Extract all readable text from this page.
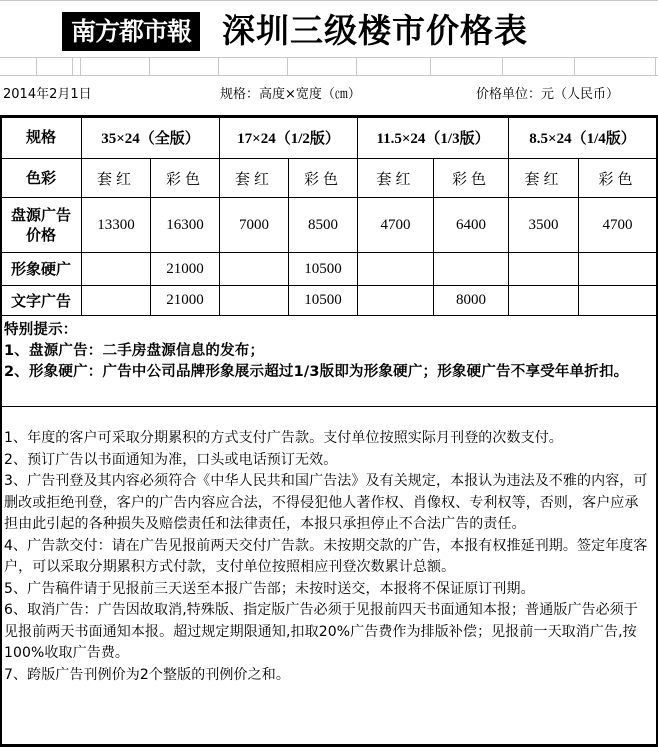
南方都市報 深圳三级楼市价格表
2014年2月1日	规格：高度×宽度（㎝）	价格单位：元（人民币）
规格	35×24（全版）		17×24（1/2版）		11.5×24（1/3版）		8.5×24（1/4版）	
色彩	套红	彩色	套红	彩色	套红	彩色	套红	彩色
盘源广告价格	13300	16300	7000	8500	4700	6400	3500	4700
形象硬广		21000		10500				
文字广告		21000		10500		8000		
特别提示：
1、盘源广告：二手房盘源信息的发布；
2、形象硬广：广告中公司品牌形象展示超过1/3版即为形象硬广；形象硬广告不享受年单折扣。
1、年度的客户可采取分期累积的方式支付广告款。支付单位按照实际月刊登的次数支付。
2、预订广告以书面通知为准，口头或电话预订无效。
3、广告刊登及其内容必须符合《中华人民共和国广告法》及有关规定，本报认为违法及不雅的内容，可删改或拒绝刊登，客户的广告内容应合法，不得侵犯他人著作权、肖像权、专利权等，否则，客户应承担由此引起的各种损失及赔偿责任和法律责任，本报只承担停止不合法广告的责任。
4、广告款交付：请在广告见报前两天交付广告款。未按期交款的广告，本报有权推延刊期。签定年度客户，可以采取分期累积方式付款，支付单位按照相应刊登次数累计总额。
5、广告稿件请于见报前三天送至本报广告部；未按时送交，本报将不保证原订刊期。
6、取消广告：广告因故取消,特殊版、指定版广告必须于见报前四天书面通知本报；普通版广告必须于见报前两天书面通知本报。超过规定期限通知,扣取20%广告费作为排版补偿；见报前一天取消广告,按100%收取广告费。
7、跨版广告刊例价为2个整版的刊例价之和。
